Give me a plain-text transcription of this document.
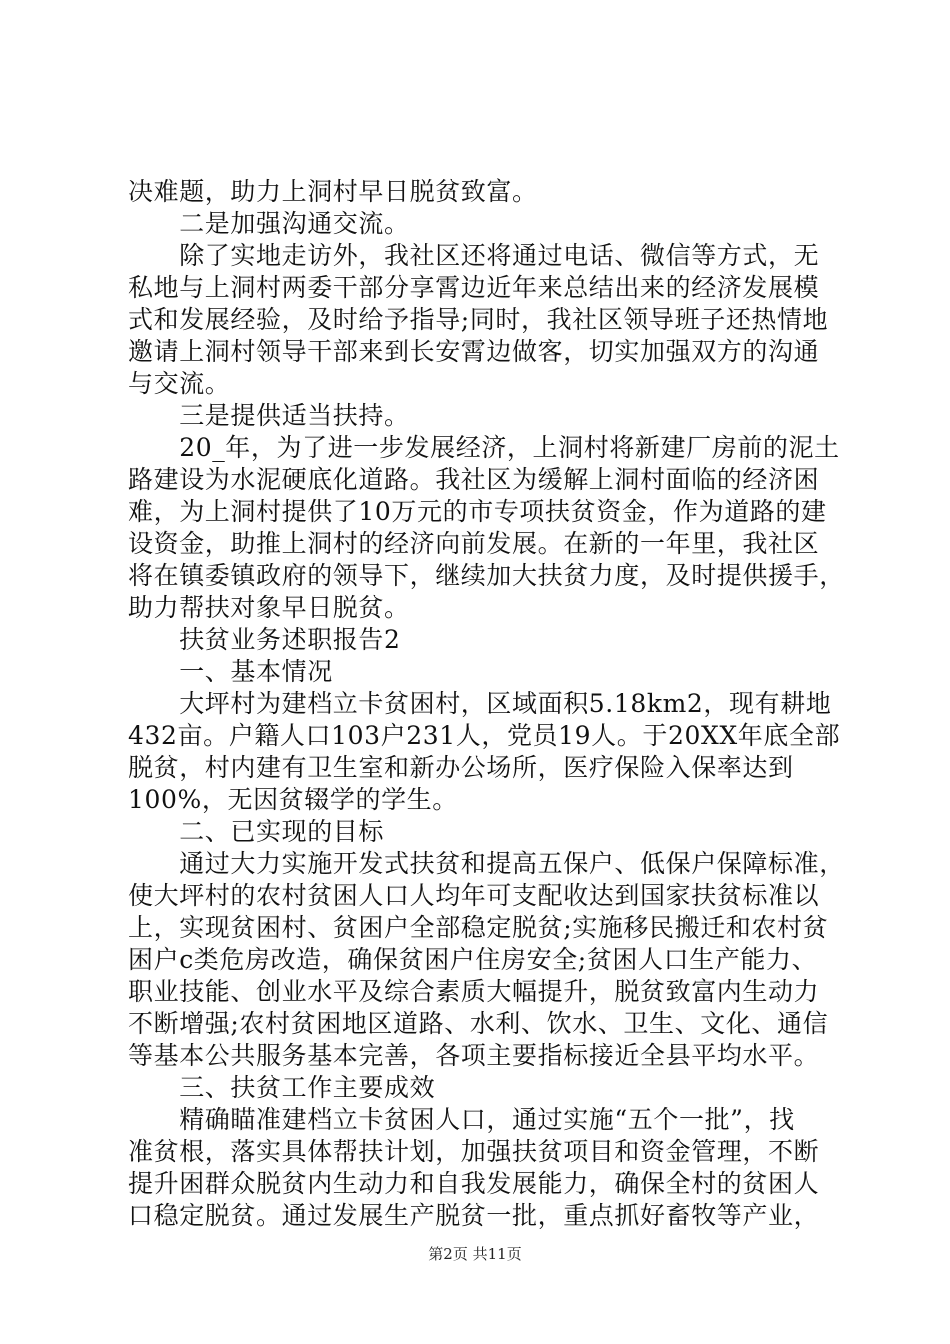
决难题，助力上洞村早日脱贫致富。
　　二是加强沟通交流。
　　除了实地走访外，我社区还将通过电话、微信等方式，无
私地与上洞村两委干部分享霄边近年来总结出来的经济发展模
式和发展经验，及时给予指导;同时，我社区领导班子还热情地
邀请上洞村领导干部来到长安霄边做客，切实加强双方的沟通
与交流。
　　三是提供适当扶持。
　　20_年，为了进一步发展经济，上洞村将新建厂房前的泥土
路建设为水泥硬底化道路。我社区为缓解上洞村面临的经济困
难，为上洞村提供了10万元的市专项扶贫资金，作为道路的建
设资金，助推上洞村的经济向前发展。在新的一年里，我社区
将在镇委镇政府的领导下，继续加大扶贫力度，及时提供援手，
助力帮扶对象早日脱贫。
　　扶贫业务述职报告2
　　一、基本情况
　　大坪村为建档立卡贫困村，区域面积5.18km2，现有耕地
432亩。户籍人口103户231人，党员19人。于20XX年底全部
脱贫，村内建有卫生室和新办公场所，医疗保险入保率达到
100%，无因贫辍学的学生。
　　二、已实现的目标
　　通过大力实施开发式扶贫和提高五保户、低保户保障标准，
使大坪村的农村贫困人口人均年可支配收达到国家扶贫标准以
上，实现贫困村、贫困户全部稳定脱贫;实施移民搬迁和农村贫
困户c类危房改造，确保贫困户住房安全;贫困人口生产能力、
职业技能、创业水平及综合素质大幅提升，脱贫致富内生动力
不断增强;农村贫困地区道路、水利、饮水、卫生、文化、通信
等基本公共服务基本完善，各项主要指标接近全县平均水平。
　　三、扶贫工作主要成效
　　精确瞄准建档立卡贫困人口，通过实施“五个一批”，找
准贫根，落实具体帮扶计划，加强扶贫项目和资金管理，不断
提升困群众脱贫内生动力和自我发展能力，确保全村的贫困人
口稳定脱贫。通过发展生产脱贫一批，重点抓好畜牧等产业，
第2页 共11页
